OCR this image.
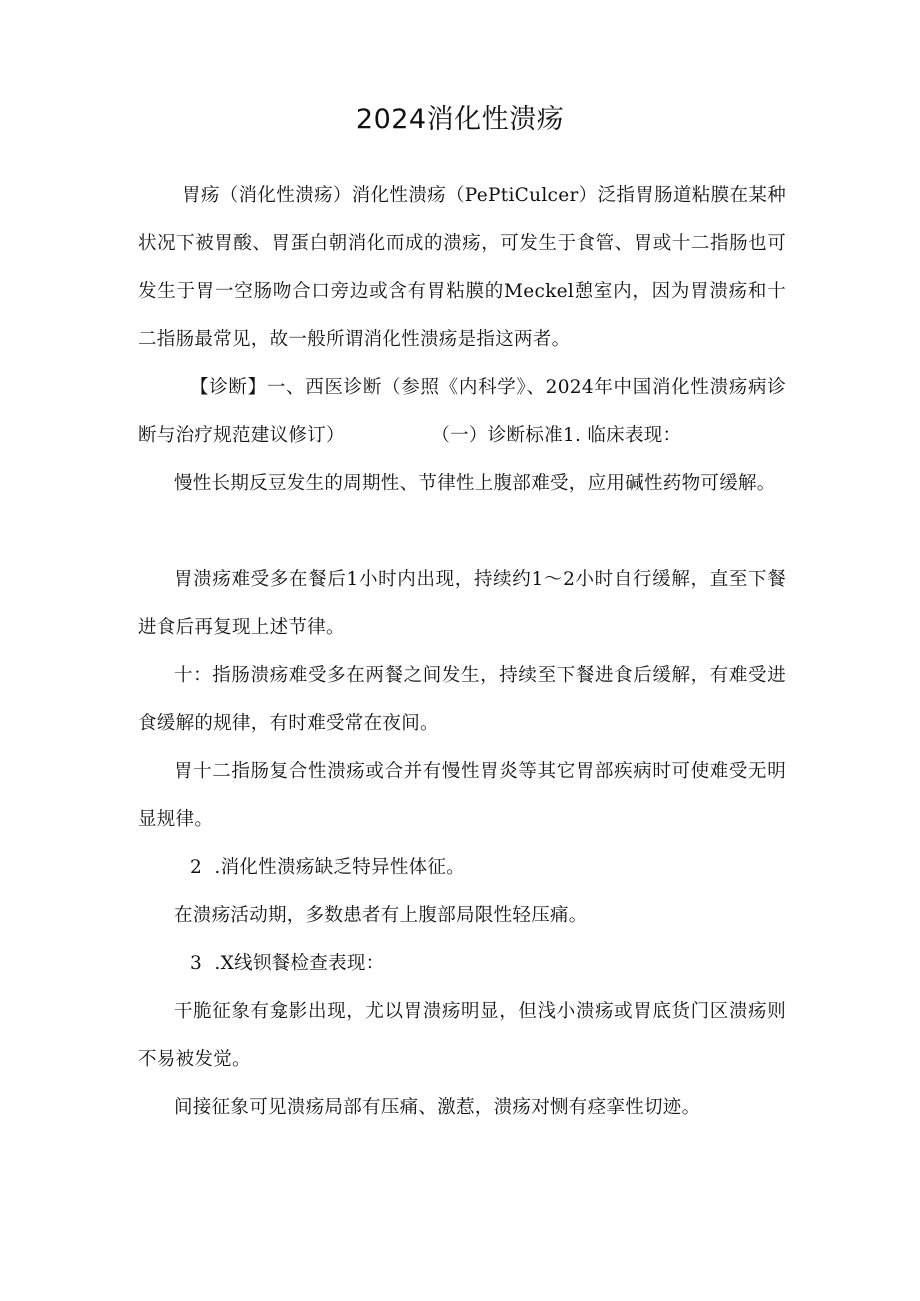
2024消化性溃疡
胃疡（消化性溃疡）消化性溃疡（PePtiCulcer）泛指胃肠道粘膜在某种状况下被胃酸、胃蛋白朝消化而成的溃疡，可发生于食管、胃或十二指肠也可发生于胃一空肠吻合口旁边或含有胃粘膜的Meckel憩室内，因为胃溃疡和十二指肠最常见，故一般所谓消化性溃疡是指这两者。
【诊断】一、西医诊断（参照《内科学》、2024年中国消化性溃疡病诊断与治疗规范建议修订）              （一）诊断标准1. 临床表现：
慢性长期反豆发生的周期性、节律性上腹部难受，应用碱性药物可缓解。
胃溃疡难受多在餐后1小时内出现，持续约1～2小时自行缓解，直至下餐进食后再复现上述节律。
十：指肠溃疡难受多在两餐之间发生，持续至下餐进食后缓解，有难受进食缓解的规律，有时难受常在夜间。
胃十二指肠复合性溃疡或合并有慢性胃炎等其它胃部疾病时可使难受无明显规律。
2  .消化性溃疡缺乏特异性体征。
在溃疡活动期，多数患者有上腹部局限性轻压痛。
3  .X线钡餐检查表现：
干脆征象有龛影出现，尤以胃溃疡明显，但浅小溃疡或胃底货门区溃疡则不易被发觉。
间接征象可见溃疡局部有压痛、激惹，溃疡对恻有痉挛性切迹。
